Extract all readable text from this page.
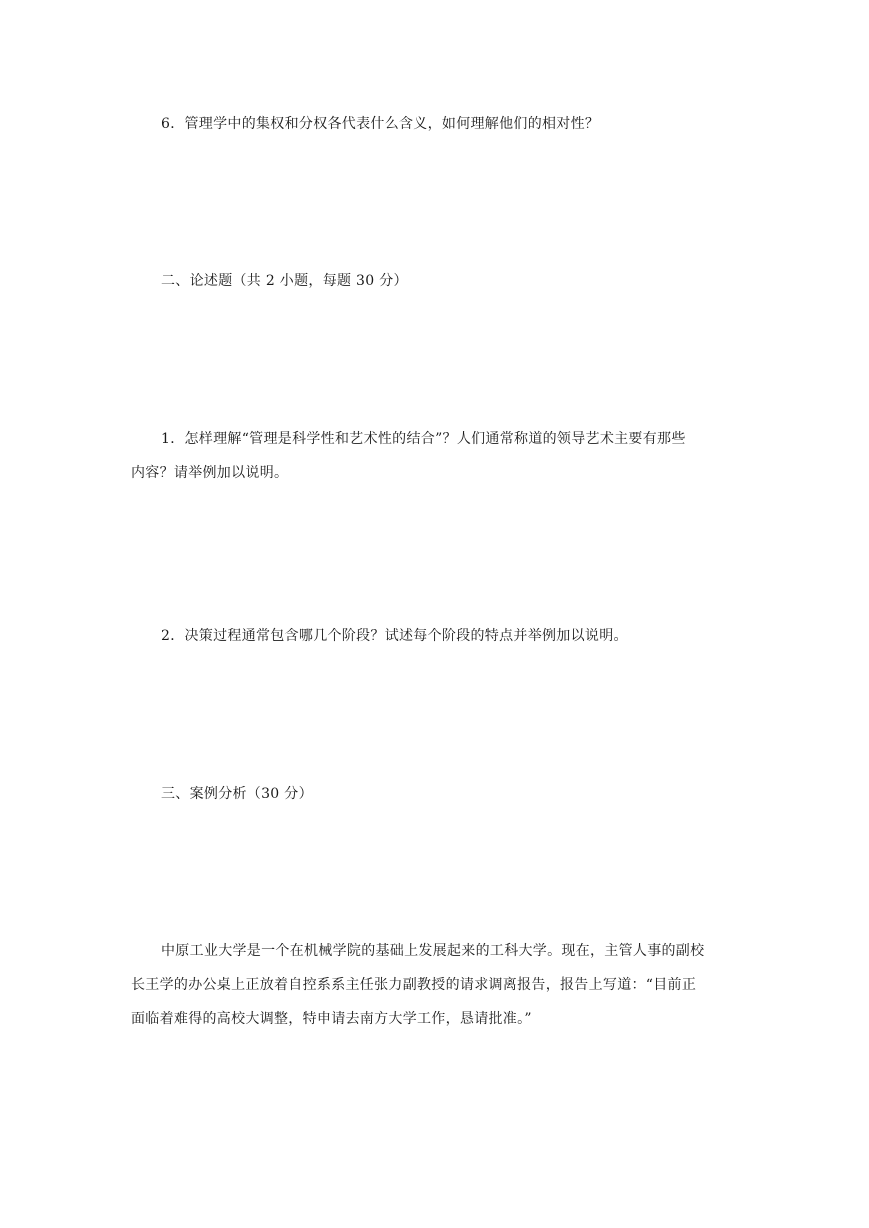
6．管理学中的集权和分权各代表什么含义，如何理解他们的相对性？

二、论述题（共 2 小题，每题 30 分）

1．怎样理解“管理是科学性和艺术性的结合”？人们通常称道的领导艺术主要有那些
内容？请举例加以说明。

2．决策过程通常包含哪几个阶段？试述每个阶段的特点并举例加以说明。

三、案例分析（30 分）

中原工业大学是一个在机械学院的基础上发展起来的工科大学。现在，主管人事的副校
长王学的办公桌上正放着自控系系主任张力副教授的请求调离报告，报告上写道：“目前正
面临着难得的高校大调整，特申请去南方大学工作，恳请批准。”
